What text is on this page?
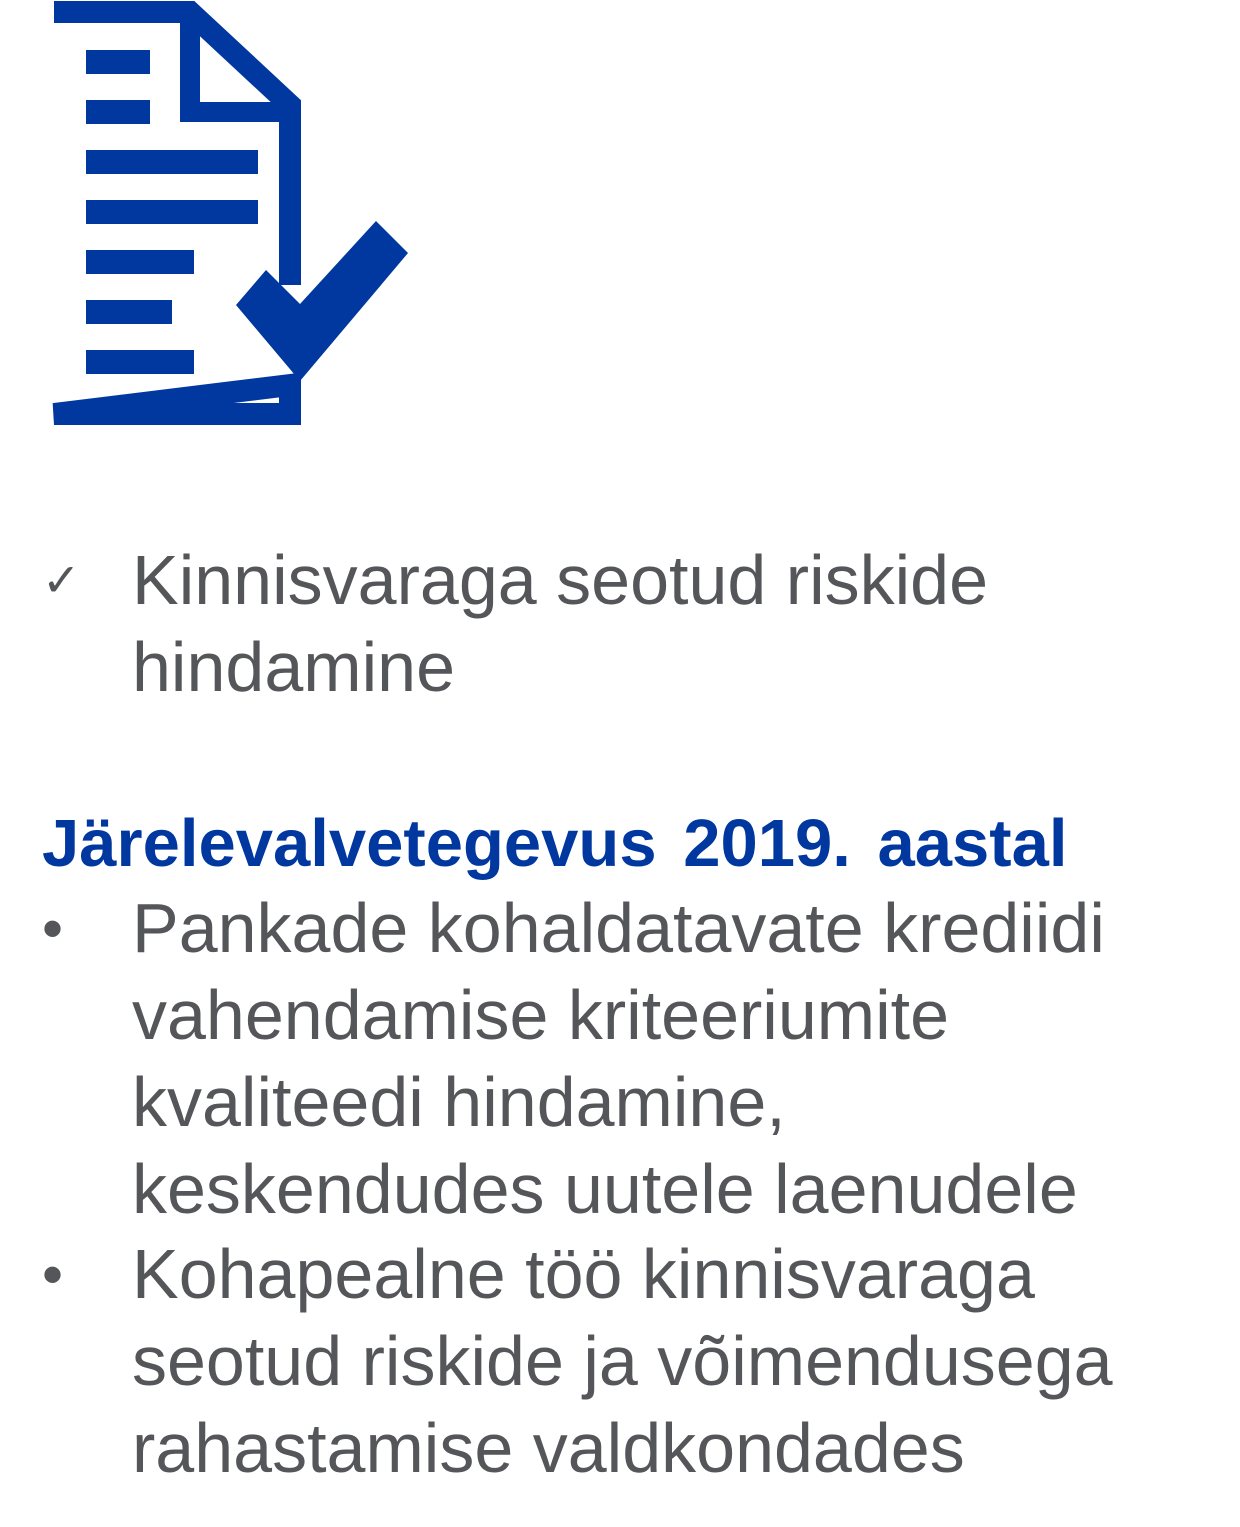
✓ Kinnisvaraga seotud riskide
hindamine
Järelevalvetegevus 2019. aastal
• Pankade kohaldatavate krediidi
vahendamise kriteeriumite
kvaliteedi hindamine,
keskendudes uutele laenudele
• Kohapealne töö kinnisvaraga
seotud riskide ja võimendusega
rahastamise valdkondades
